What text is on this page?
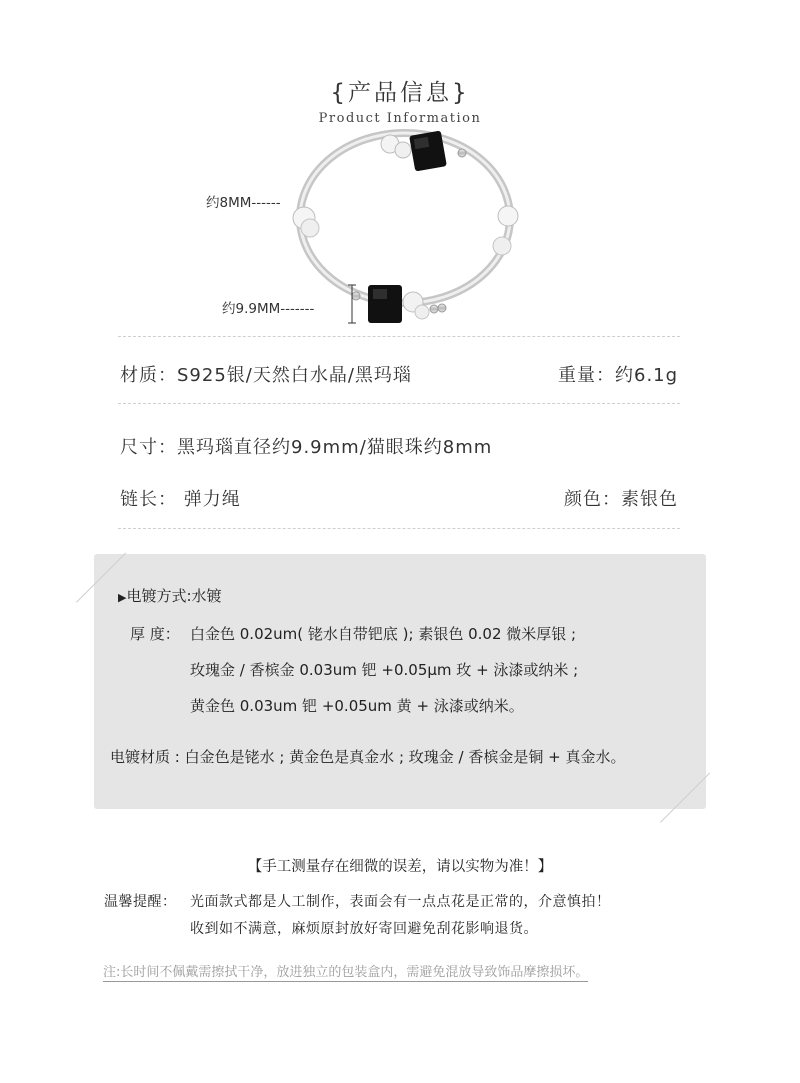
{产品信息}
Product Information
约8MM------
约9.9MM-------
材质：S925银/天然白水晶/黑玛瑙	重量：约6.1g
尺寸：黑玛瑙直径约9.9mm/猫眼珠约8mm
链长： 弹力绳	颜色：素银色
▶电镀方式:水镀
厚 度： 白金色 0.02um( 铑水自带钯底 ); 素银色 0.02 微米厚银 ;
玫瑰金 / 香槟金 0.03um 钯 +0.05μm 玫 + 泳漆或纳米 ;
黄金色 0.03um 钯 +0.05um 黄 + 泳漆或纳米。
电镀材质 : 白金色是铑水 ; 黄金色是真金水 ; 玫瑰金 / 香槟金是铜 + 真金水。
【手工测量存在细微的误差，请以实物为准！】
温馨提醒： 光面款式都是人工制作，表面会有一点点花是正常的，介意慎拍！
收到如不满意，麻烦原封放好寄回避免刮花影响退货。
注:长时间不佩戴需擦拭干净，放进独立的包装盒内，需避免混放导致饰品摩擦损坏。
